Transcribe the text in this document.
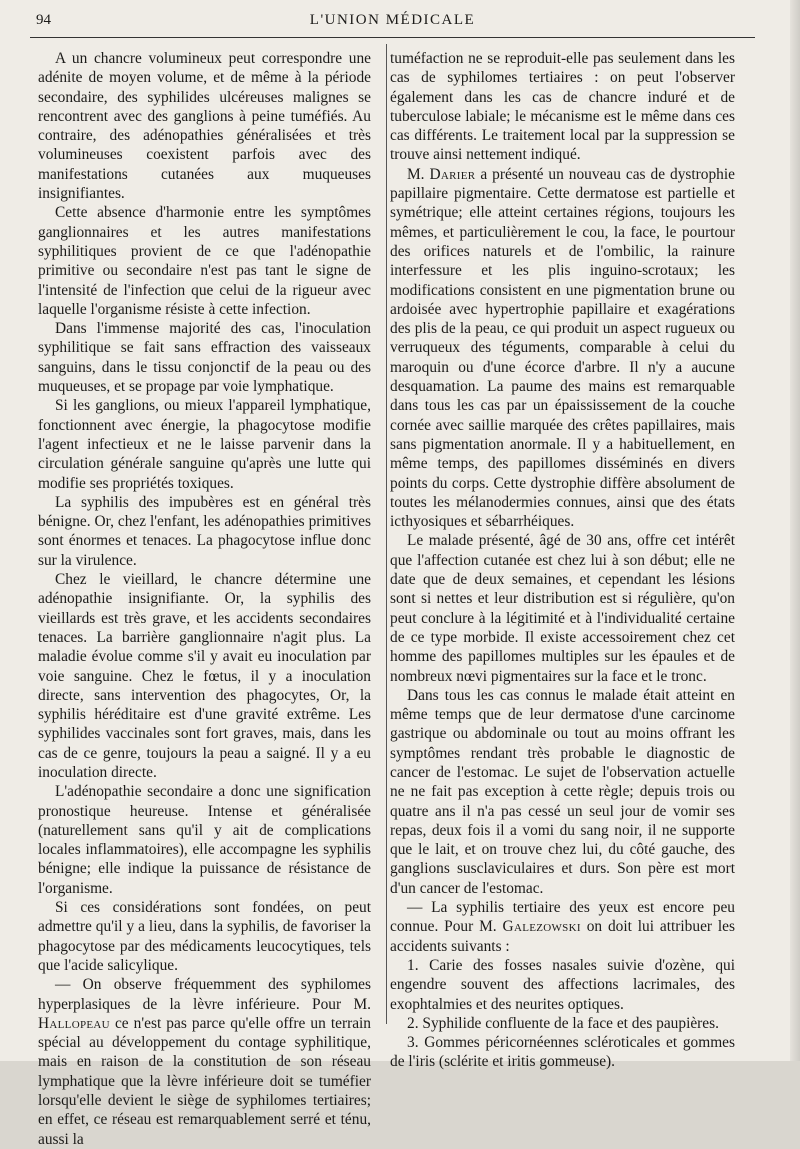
94	L'UNION MÉDICALE

A un chancre volumineux peut correspondre une adénite de moyen volume, et de même à la période secondaire, des syphilides ulcéreuses malignes se rencontrent avec des ganglions à peine tuméfiés. Au contraire, des adénopathies généralisées et très volumineuses coexistent parfois avec des manifestations cutanées aux muqueuses insignifiantes.

Cette absence d'harmonie entre les symptômes ganglionnaires et les autres manifestations syphilitiques provient de ce que l'adénopathie primitive ou secondaire n'est pas tant le signe de l'intensité de l'infection que celui de la rigueur avec laquelle l'organisme résiste à cette infection.

Dans l'immense majorité des cas, l'inoculation syphilitique se fait sans effraction des vaisseaux sanguins, dans le tissu conjonctif de la peau ou des muqueuses, et se propage par voie lymphatique.

Si les ganglions, ou mieux l'appareil lymphatique, fonctionnent avec énergie, la phagocytose modifie l'agent infectieux et ne le laisse parvenir dans la circulation générale sanguine qu'après une lutte qui modifie ses propriétés toxiques.

La syphilis des impubères est en général très bénigne. Or, chez l'enfant, les adénopathies primitives sont énormes et tenaces. La phagocytose influe donc sur la virulence.

Chez le vieillard, le chancre détermine une adénopathie insignifiante. Or, la syphilis des vieillards est très grave, et les accidents secondaires tenaces. La barrière ganglionnaire n'agit plus. La maladie évolue comme s'il y avait eu inoculation par voie sanguine. Chez le fœtus, il y a inoculation directe, sans intervention des phagocytes, Or, la syphilis héréditaire est d'une gravité extrême. Les syphilides vaccinales sont fort graves, mais, dans les cas de ce genre, toujours la peau a saigné. Il y a eu inoculation directe.

L'adénopathie secondaire a donc une signification pronostique heureuse. Intense et généralisée (naturellement sans qu'il y ait de complications locales inflammatoires), elle accompagne les syphilis bénigne; elle indique la puissance de résistance de l'organisme.

Si ces considérations sont fondées, on peut admettre qu'il y a lieu, dans la syphilis, de favoriser la phagocytose par des médicaments leucocytiques, tels que l'acide salicylique.

— On observe fréquemment des syphilomes hyperplasiques de la lèvre inférieure. Pour M. Hallopeau ce n'est pas parce qu'elle offre un terrain spécial au développement du contage syphilitique, mais en raison de la constitution de son réseau lymphatique que la lèvre inférieure doit se tuméfier lorsqu'elle devient le siège de syphilomes tertiaires; en effet, ce réseau est remarquablement serré et ténu, aussi la

tuméfaction ne se reproduit-elle pas seulement dans les cas de syphilomes tertiaires : on peut l'observer également dans les cas de chancre induré et de tuberculose labiale; le mécanisme est le même dans ces cas différents. Le traitement local par la suppression se trouve ainsi nettement indiqué.

M. Darier a présenté un nouveau cas de dystrophie papillaire pigmentaire. Cette dermatose est partielle et symétrique; elle atteint certaines régions, toujours les mêmes, et particulièrement le cou, la face, le pourtour des orifices naturels et de l'ombilic, la rainure interfessure et les plis inguino-scrotaux; les modifications consistent en une pigmentation brune ou ardoisée avec hypertrophie papillaire et exagérations des plis de la peau, ce qui produit un aspect rugueux ou verruqueux des téguments, comparable à celui du maroquin ou d'une écorce d'arbre. Il n'y a aucune desquamation. La paume des mains est remarquable dans tous les cas par un épaississement de la couche cornée avec saillie marquée des crêtes papillaires, mais sans pigmentation anormale. Il y a habituellement, en même temps, des papillomes disséminés en divers points du corps. Cette dystrophie diffère absolument de toutes les mélanodermies connues, ainsi que des états icthyosiques et sébarrhéiques.

Le malade présenté, âgé de 30 ans, offre cet intérêt que l'affection cutanée est chez lui à son début; elle ne date que de deux semaines, et cependant les lésions sont si nettes et leur distribution est si régulière, qu'on peut conclure à la légitimité et à l'individualité certaine de ce type morbide. Il existe accessoirement chez cet homme des papillomes multiples sur les épaules et de nombreux nœvi pigmentaires sur la face et le tronc.

Dans tous les cas connus le malade était atteint en même temps que de leur dermatose d'une carcinome gastrique ou abdominale ou tout au moins offrant les symptômes rendant très probable le diagnostic de cancer de l'estomac. Le sujet de l'observation actuelle ne ne fait pas exception à cette règle; depuis trois ou quatre ans il n'a pas cessé un seul jour de vomir ses repas, deux fois il a vomi du sang noir, il ne supporte que le lait, et on trouve chez lui, du côté gauche, des ganglions susclaviculaires et durs. Son père est mort d'un cancer de l'estomac.

— La syphilis tertiaire des yeux est encore peu connue. Pour M. Galezowski on doit lui attribuer les accidents suivants :

1. Carie des fosses nasales suivie d'ozène, qui engendre souvent des affections lacrimales, des exophtalmies et des neurites optiques.
2. Syphilide confluente de la face et des paupières.
3. Gommes péricornéennes scléroticales et gommes de l'iris (sclérite et iritis gommeuse).
